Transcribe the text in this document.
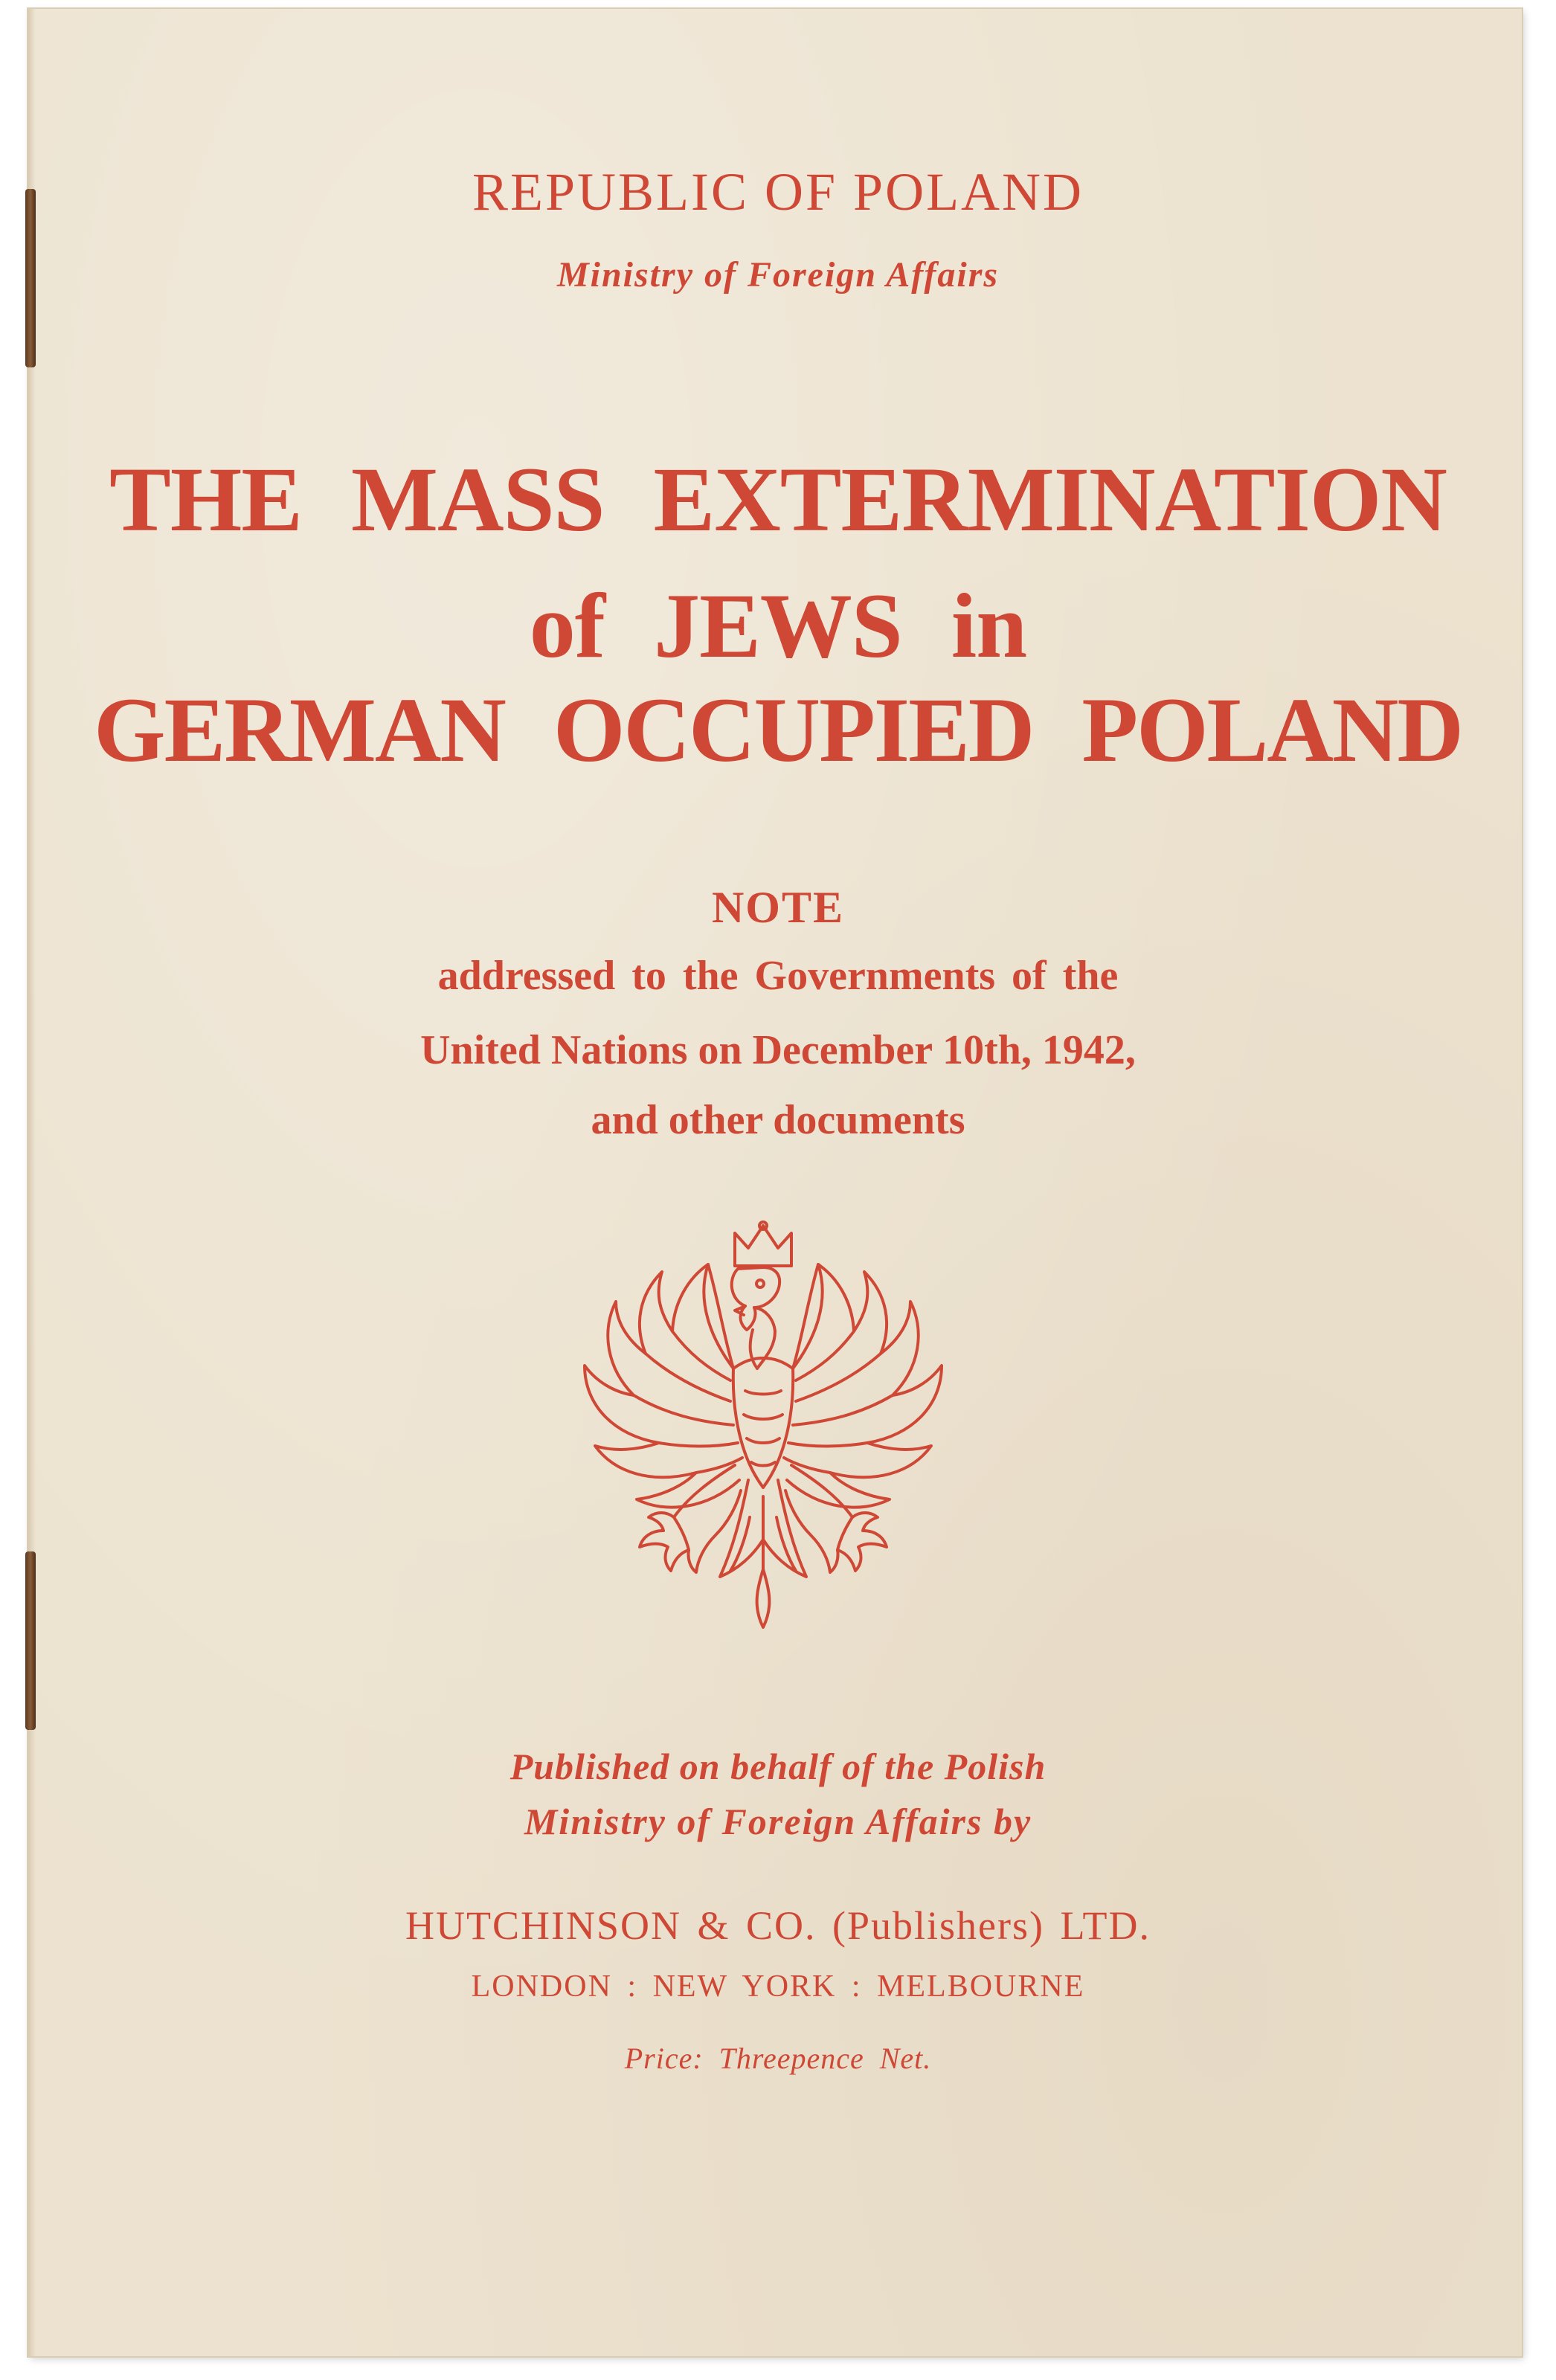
REPUBLIC OF POLAND
Ministry of Foreign Affairs
THE MASS EXTERMINATION
of JEWS in
GERMAN OCCUPIED POLAND
NOTE
addressed to the Governments of the
United Nations on December 10th, 1942,
and other documents
Published on behalf of the Polish
Ministry of Foreign Affairs by
HUTCHINSON & CO. (Publishers) LTD.
LONDON : NEW YORK : MELBOURNE
Price: Threepence Net.
